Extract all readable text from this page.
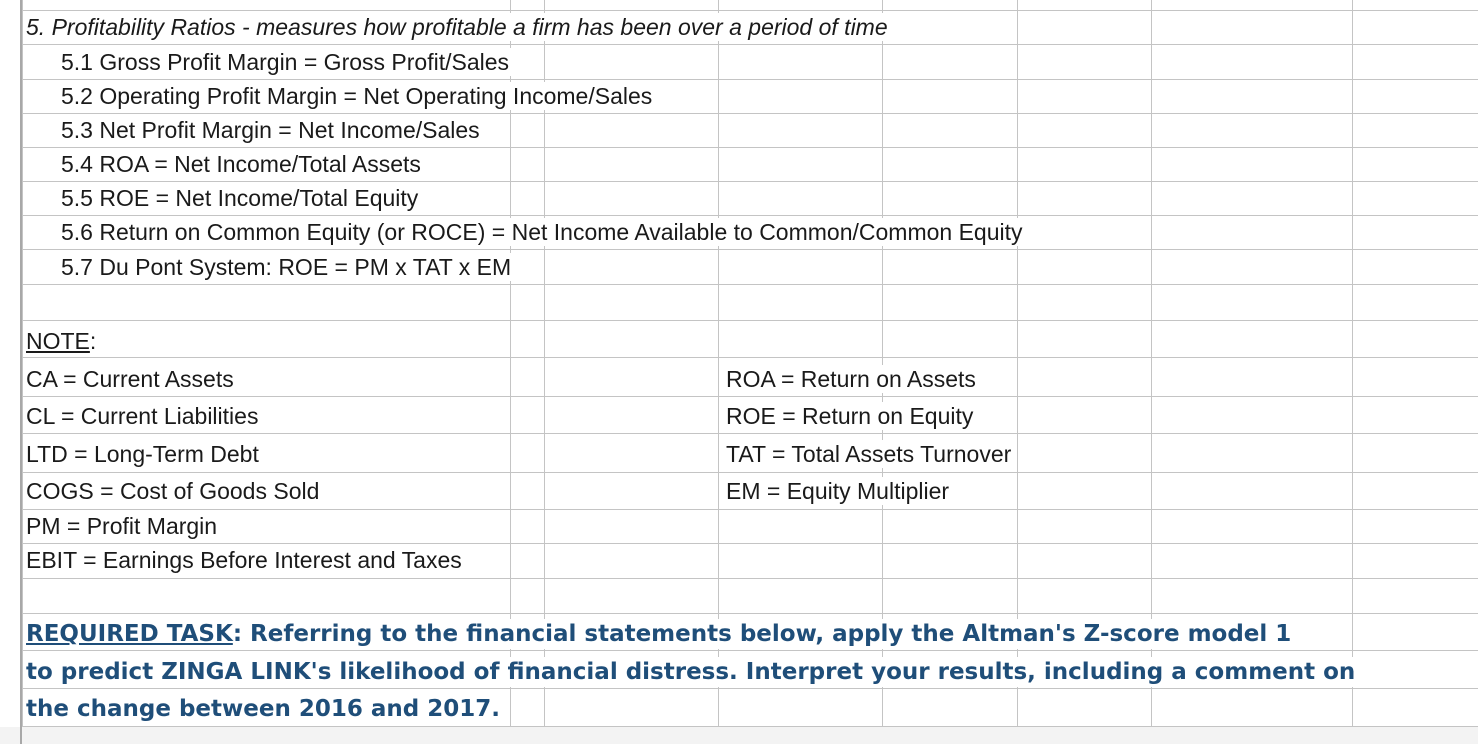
5. Profitability Ratios - measures how profitable a firm has been over a period of time
5.1 Gross Profit Margin = Gross Profit/Sales
5.2 Operating Profit Margin = Net Operating Income/Sales
5.3 Net Profit Margin = Net Income/Sales
5.4 ROA = Net Income/Total Assets
5.5 ROE = Net Income/Total Equity
5.6 Return on Common Equity (or ROCE) = Net Income Available to Common/Common Equity
5.7 Du Pont System: ROE = PM x TAT x EM
NOTE:
CA = Current Assets
CL = Current Liabilities
LTD = Long-Term Debt
COGS = Cost of Goods Sold
PM = Profit Margin
EBIT = Earnings Before Interest and Taxes
ROA = Return on Assets
ROE = Return on Equity
TAT = Total Assets Turnover
EM = Equity Multiplier
REQUIRED TASK: Referring to the financial statements below, apply the Altman's Z-score model 1
to predict ZINGA LINK's likelihood of financial distress. Interpret your results, including a comment on
the change between 2016 and 2017.
